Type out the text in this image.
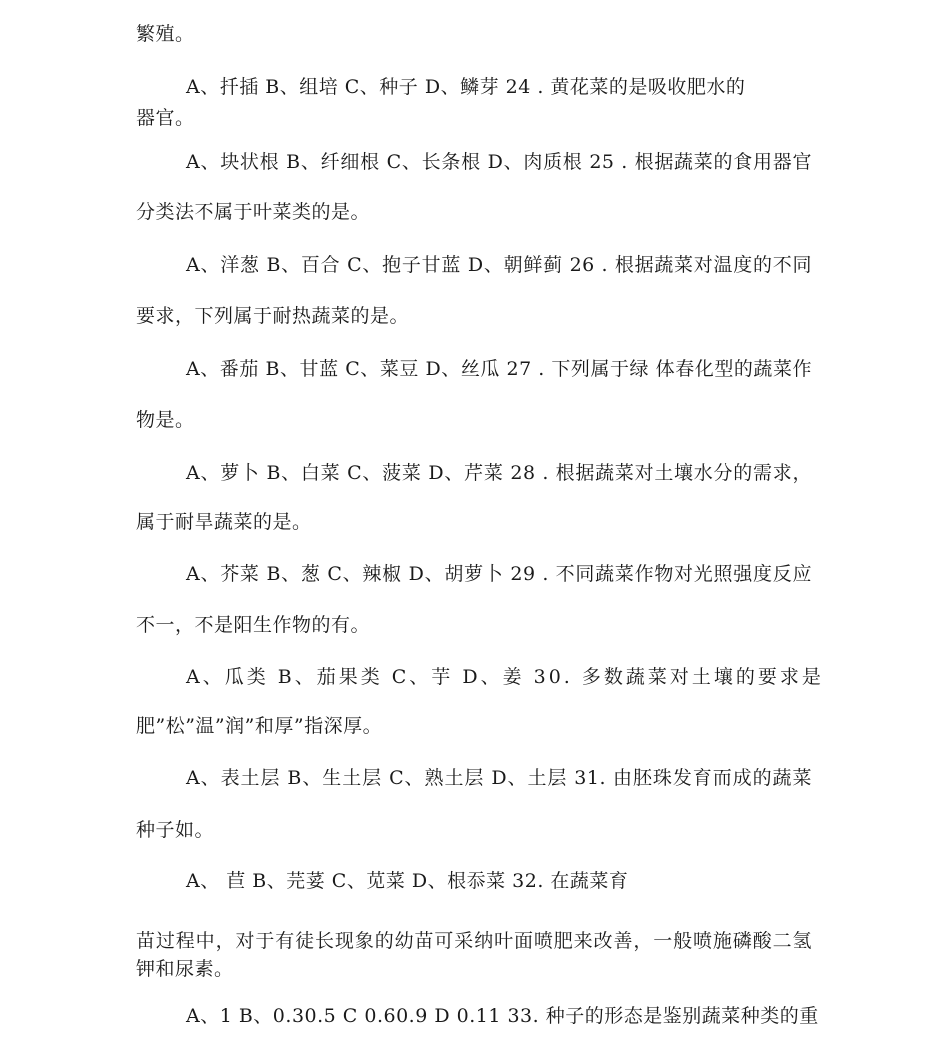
繁殖。
A、扦插 B、组培 C、种子 D、鳞芽 24 . 黄花菜的是吸收肥水的
器官。
A、块状根 B、纤细根 C、长条根 D、肉质根 25 . 根据蔬菜的食用器官
分类法不属于叶菜类的是。
A、洋葱 B、百合 C、抱子甘蓝 D、朝鲜蓟 26 . 根据蔬菜对温度的不同
要求，下列属于耐热蔬菜的是。
A、番茄 B、甘蓝 C、菜豆 D、丝瓜 27 . 下列属于绿 体春化型的蔬菜作
物是。
A、萝卜 B、白菜 C、菠菜 D、芹菜 28 . 根据蔬菜对土壤水分的需求，
属于耐旱蔬菜的是。
A、芥菜 B、葱 C、辣椒 D、胡萝卜 29 . 不同蔬菜作物对光照强度反应
不一，不是阳生作物的有。
A、瓜类 B、茄果类 C、芋 D、姜 30. 多数蔬菜对土壤的要求是
肥”松”温”润”和厚”指深厚。
A、表土层 B、生土层 C、熟土层 D、土层 31. 由胚珠发育而成的蔬菜
种子如。
A、 苣 B、芫荽 C、苋菜 D、根忝菜 32. 在蔬菜育
苗过程中，对于有徒长现象的幼苗可采纳叶面喷肥来改善，一般喷施磷酸二氢
钾和尿素。
A、1 B、0.30.5 C 0.60.9 D 0.11 33. 种子的形态是鉴别蔬菜种类的重
